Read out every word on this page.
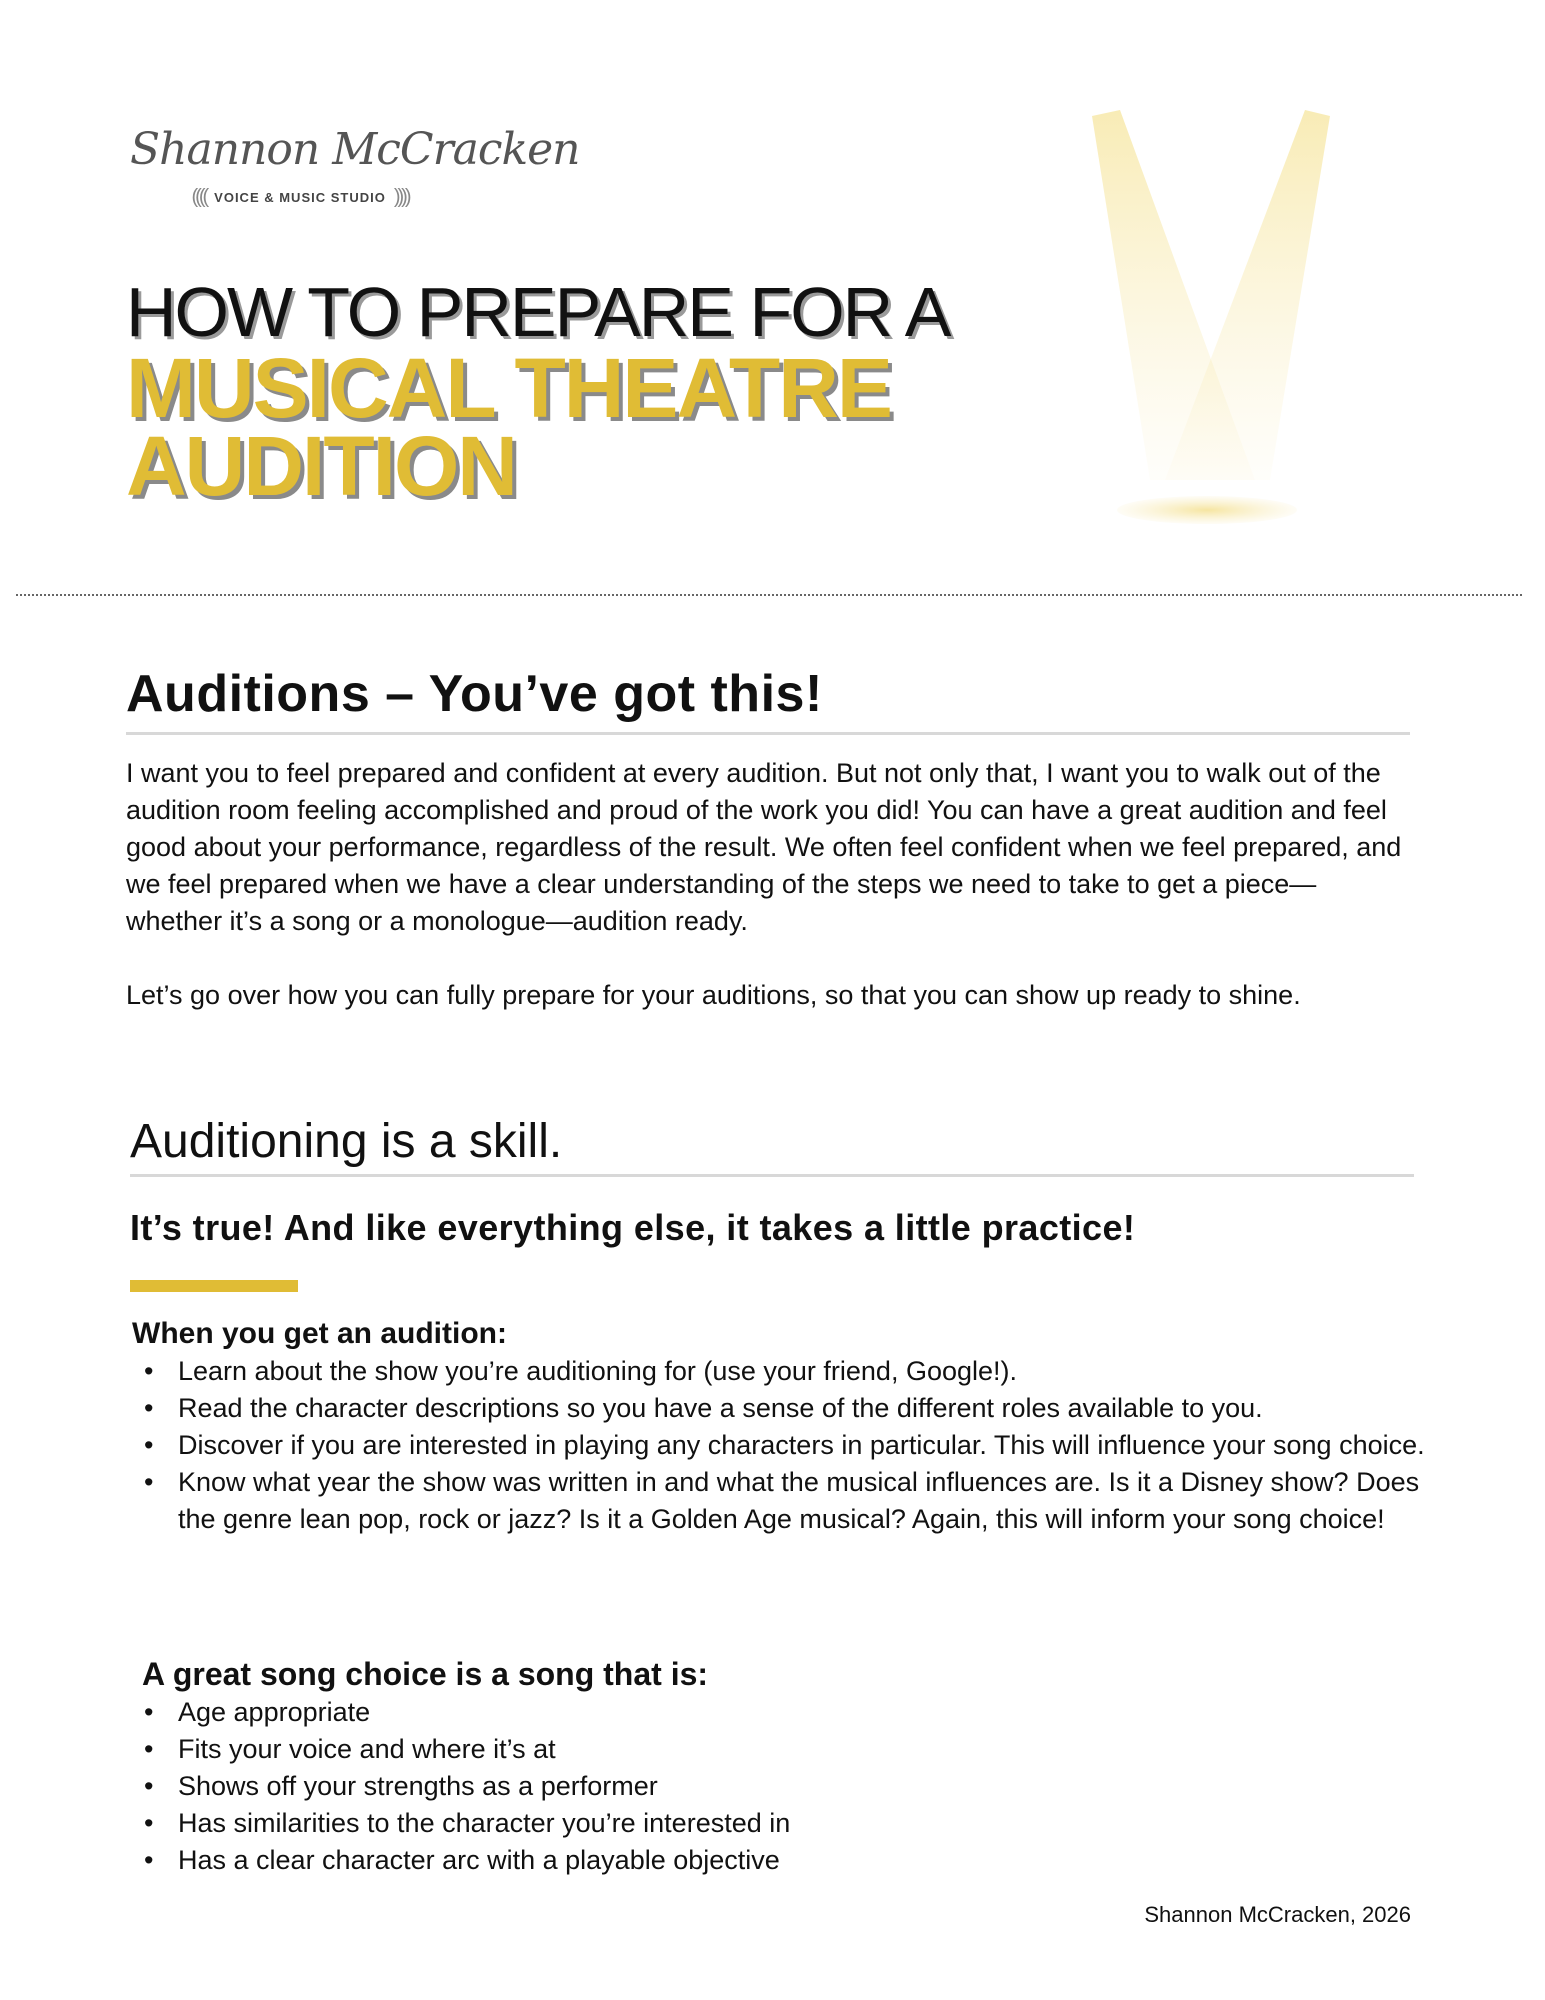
Shannon McCracken
(((( VOICE & MUSIC STUDIO ))))
HOW TO PREPARE FOR A
MUSICAL THEATRE
AUDITION
Auditions – You’ve got this!

I want you to feel prepared and confident at every audition. But not only that, I want you to walk out of the audition room feeling accomplished and proud of the work you did! You can have a great audition and feel good about your performance, regardless of the result. We often feel confident when we feel prepared, and we feel prepared when we have a clear understanding of the steps we need to take to get a piece—whether it’s a song or a monologue—audition ready.

Let’s go over how you can fully prepare for your auditions, so that you can show up ready to shine.

Auditioning is a skill.
It’s true! And like everything else, it takes a little practice!
When you get an audition:
• Learn about the show you’re auditioning for (use your friend, Google!).
• Read the character descriptions so you have a sense of the different roles available to you.
• Discover if you are interested in playing any characters in particular. This will influence your song choice.
• Know what year the show was written in and what the musical influences are. Is it a Disney show? Does the genre lean pop, rock or jazz? Is it a Golden Age musical? Again, this will inform your song choice!
A great song choice is a song that is:
• Age appropriate
• Fits your voice and where it’s at
• Shows off your strengths as a performer
• Has similarities to the character you’re interested in
• Has a clear character arc with a playable objective
Shannon McCracken, 2026
